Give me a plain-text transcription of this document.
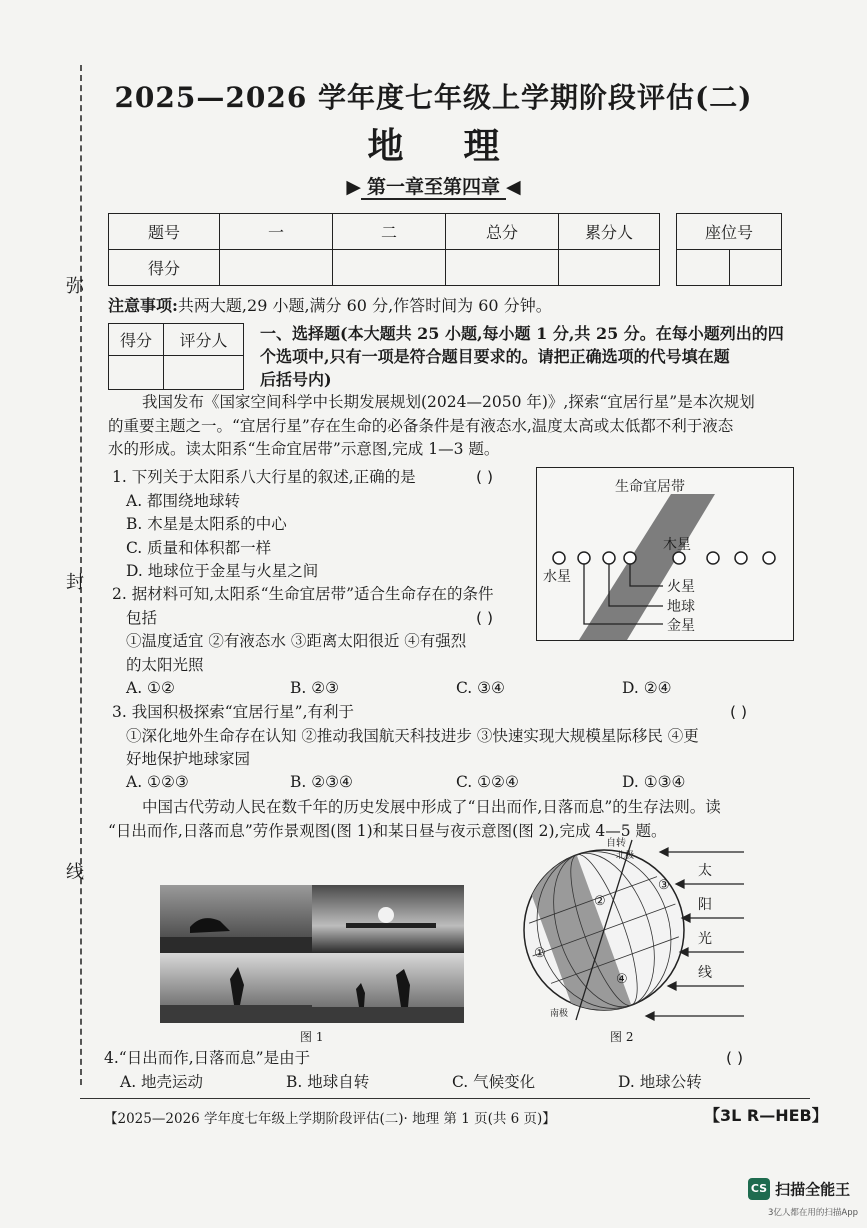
弥
封
线
2025—2026 学年度七年级上学期阶段评估(二)
地理
▶ 第一章至第四章 ◀
题号	一	二	总分	累分人
得分				
座位号

注意事项:共两大题,29 小题,满分 60 分,作答时间为 60 分钟。
得分	评分人
	一、选择题(本大题共 25 小题,每小题 1 分,共 25 分。在每小题列出的四
个选项中,只有一项是符合题目要求的。请把正确选项的代号填在题
后括号内)
我国发布《国家空间科学中长期发展规划(2024—2050 年)》,探索“宜居行星”是本次规划
的重要主题之一。“宜居行星”存在生命的必备条件是有液态水,温度太高或太低都不利于液态
水的形成。读太阳系“生命宜居带”示意图,完成 1—3 题。
1. 下列关于太阳系八大行星的叙述,正确的是
A. 都围绕地球转
B. 木星是太阳系的中心
C. 质量和体积都一样
D. 地球位于金星与火星之间
( )
生命宜居带
水星
木星
火星
地球
金星
2. 据材料可知,太阳系“生命宜居带”适合生命存在的条件
包括
①温度适宜 ②有液态水 ③距离太阳很近 ④有强烈
的太阳光照
( )
A. ①②	B. ②③	C. ③④	D. ②④
3. 我国积极探索“宜居行星”,有利于
①深化地外生命存在认知 ②推动我国航天科技进步 ③快速实现大规模星际移民 ④更
好地保护地球家园
( )
A. ①②③	B. ②③④	C. ①②④	D. ①③④
中国古代劳动人民在数千年的历史发展中形成了“日出而作,日落而息”的生存法则。读
“日出而作,日落而息”劳作景观图(图 1)和某日昼与夜示意图(图 2),完成 4—5 题。
图 1
自转
北极
南极
①
②
③
④
太
阳
光
线
图 2
4.“日出而作,日落而息”是由于	( )
A. 地壳运动	B. 地球自转	C. 气候变化	D. 地球公转
【2025—2026 学年度七年级上学期阶段评估(二)· 地理 第 1 页(共 6 页)】	【3L R—HEB】
CS 扫描全能王
3亿人都在用的扫描App
